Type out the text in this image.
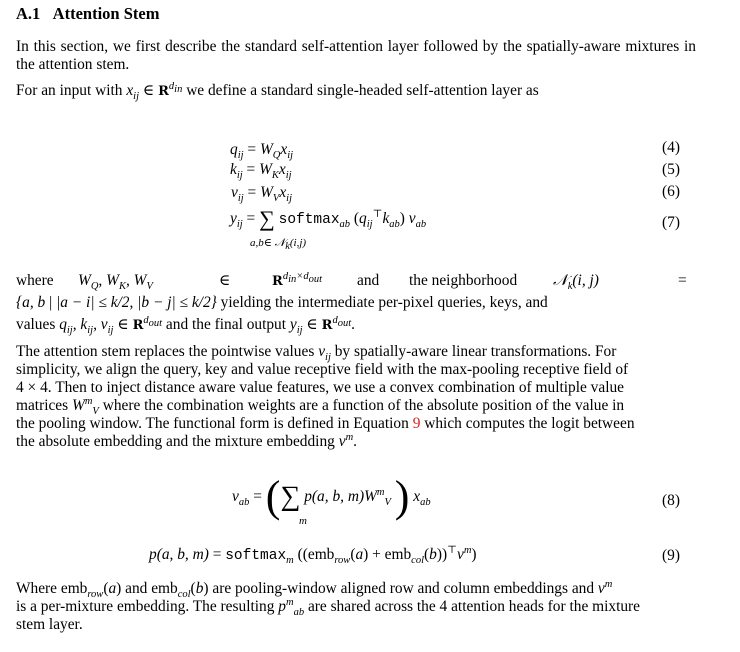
A.1 Attention Stem
In this section, we first describe the standard self-attention layer followed by the spatially-aware mixtures in the attention stem.
For an input with $x_{ij}$ ∈ $R^{d_{in}}$ we define a standard single-headed self-attention layer as
$q_{ij} = W_Qx_{ij}$	(4)
$k_{ij} = W_Kx_{ij}$	(5)
$v_{ij} = W_Vx_{ij}$	(6)
$y_{ij}$ = ∑ softmax$_{ab}$ $(q_{ij}^⊤k_{ab})$ $v_{ab}$
a,b∈ 𝒩$_k$(i,j)
(7)
where $W_Q$, $W_K$, $W_V$	∈	$R^{d_{in}\times d_{out}}$ and the neighborhood 𝒩$_k$(i, j)	=
{a, b | |a − i| ≤ k/2, |b − j| ≤ k/2} yielding the intermediate per-pixel queries, keys, and
values $q_{ij}$, $k_{ij}$, $v_{ij}$ ∈ $R^{d_{out}}$ and the final output $y_{ij}$ ∈ $R^{d_{out}}$.
The attention stem replaces the pointwise values $v_{ij}$ by spatially-aware linear transformations. For
simplicity, we align the query, key and value receptive field with the max-pooling receptive field of
4 × 4. Then to inject distance aware value features, we use a convex combination of multiple value
matrices $W^m_V$ where the combination weights are a function of the absolute position of the value in
the pooling window. The functional form is defined in Equation 9 which computes the logit between
the absolute embedding and the mixture embedding $\nu^m$.
$v_{ab}$ = (∑ p(a, b, $m)W^m_V$ ) $x_{ab}$
m
(8)
p(a, b, m) = softmax$_m$ $((emb_{row}(a) + emb_{col}(b))^⊤\nu^m)$	(9)
Where emb$_{row}$(a) and emb$_{col}$(b) are pooling-window aligned row and column embeddings and $\nu^m$
is a per-mixture embedding. The resulting $p^m_{ab}$ are shared across the 4 attention heads for the mixture
stem layer.
